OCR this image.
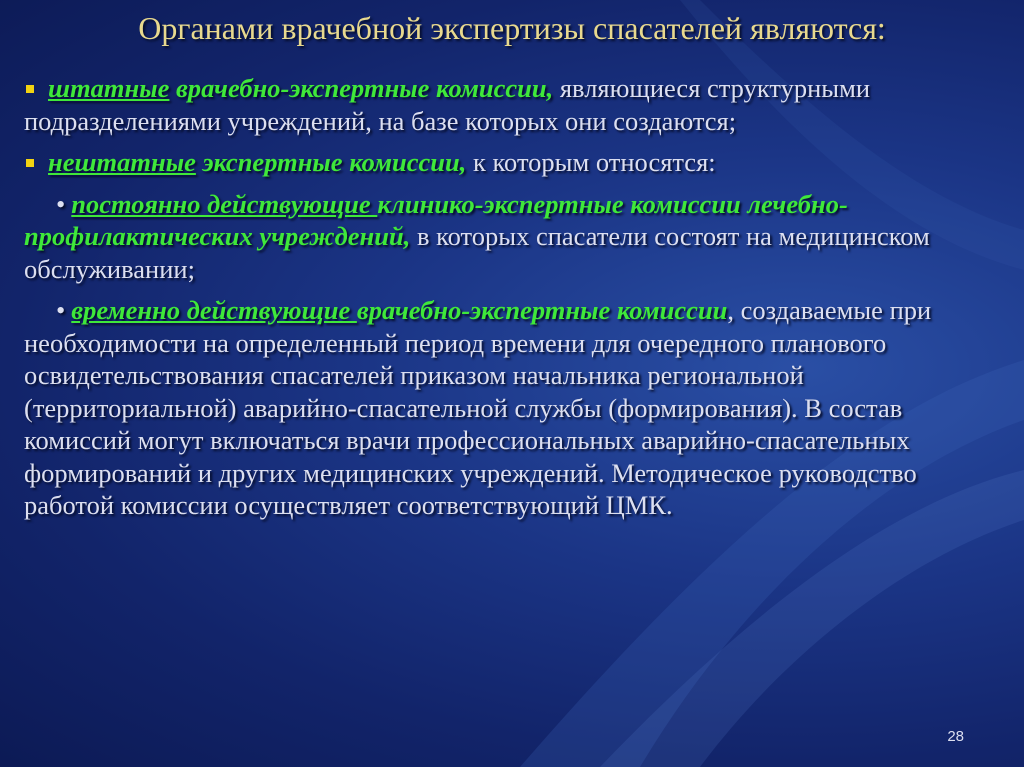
Органами врачебной экспертизы спасателей являются:

штатные врачебно-экспертные комиссии, являющиеся структурными подразделениями учреждений, на базе которых они создаются;

нештатные экспертные комиссии, к которым относятся:

• постоянно действующие клинико-экспертные комиссии лечебно-профилактических учреждений, в которых спасатели состоят на медицинском обслуживании;

• временно действующие врачебно-экспертные комиссии, создаваемые при необходимости на определенный период времени для очередного планового освидетельствования спасателей приказом начальника региональной (территориальной) аварийно-спасательной службы (формирования). В состав комиссий могут включаться врачи профессиональных аварийно-спасательных формирований и других медицинских учреждений. Методическое руководство работой комиссии осуществляет соответствующий ЦМК.

28
